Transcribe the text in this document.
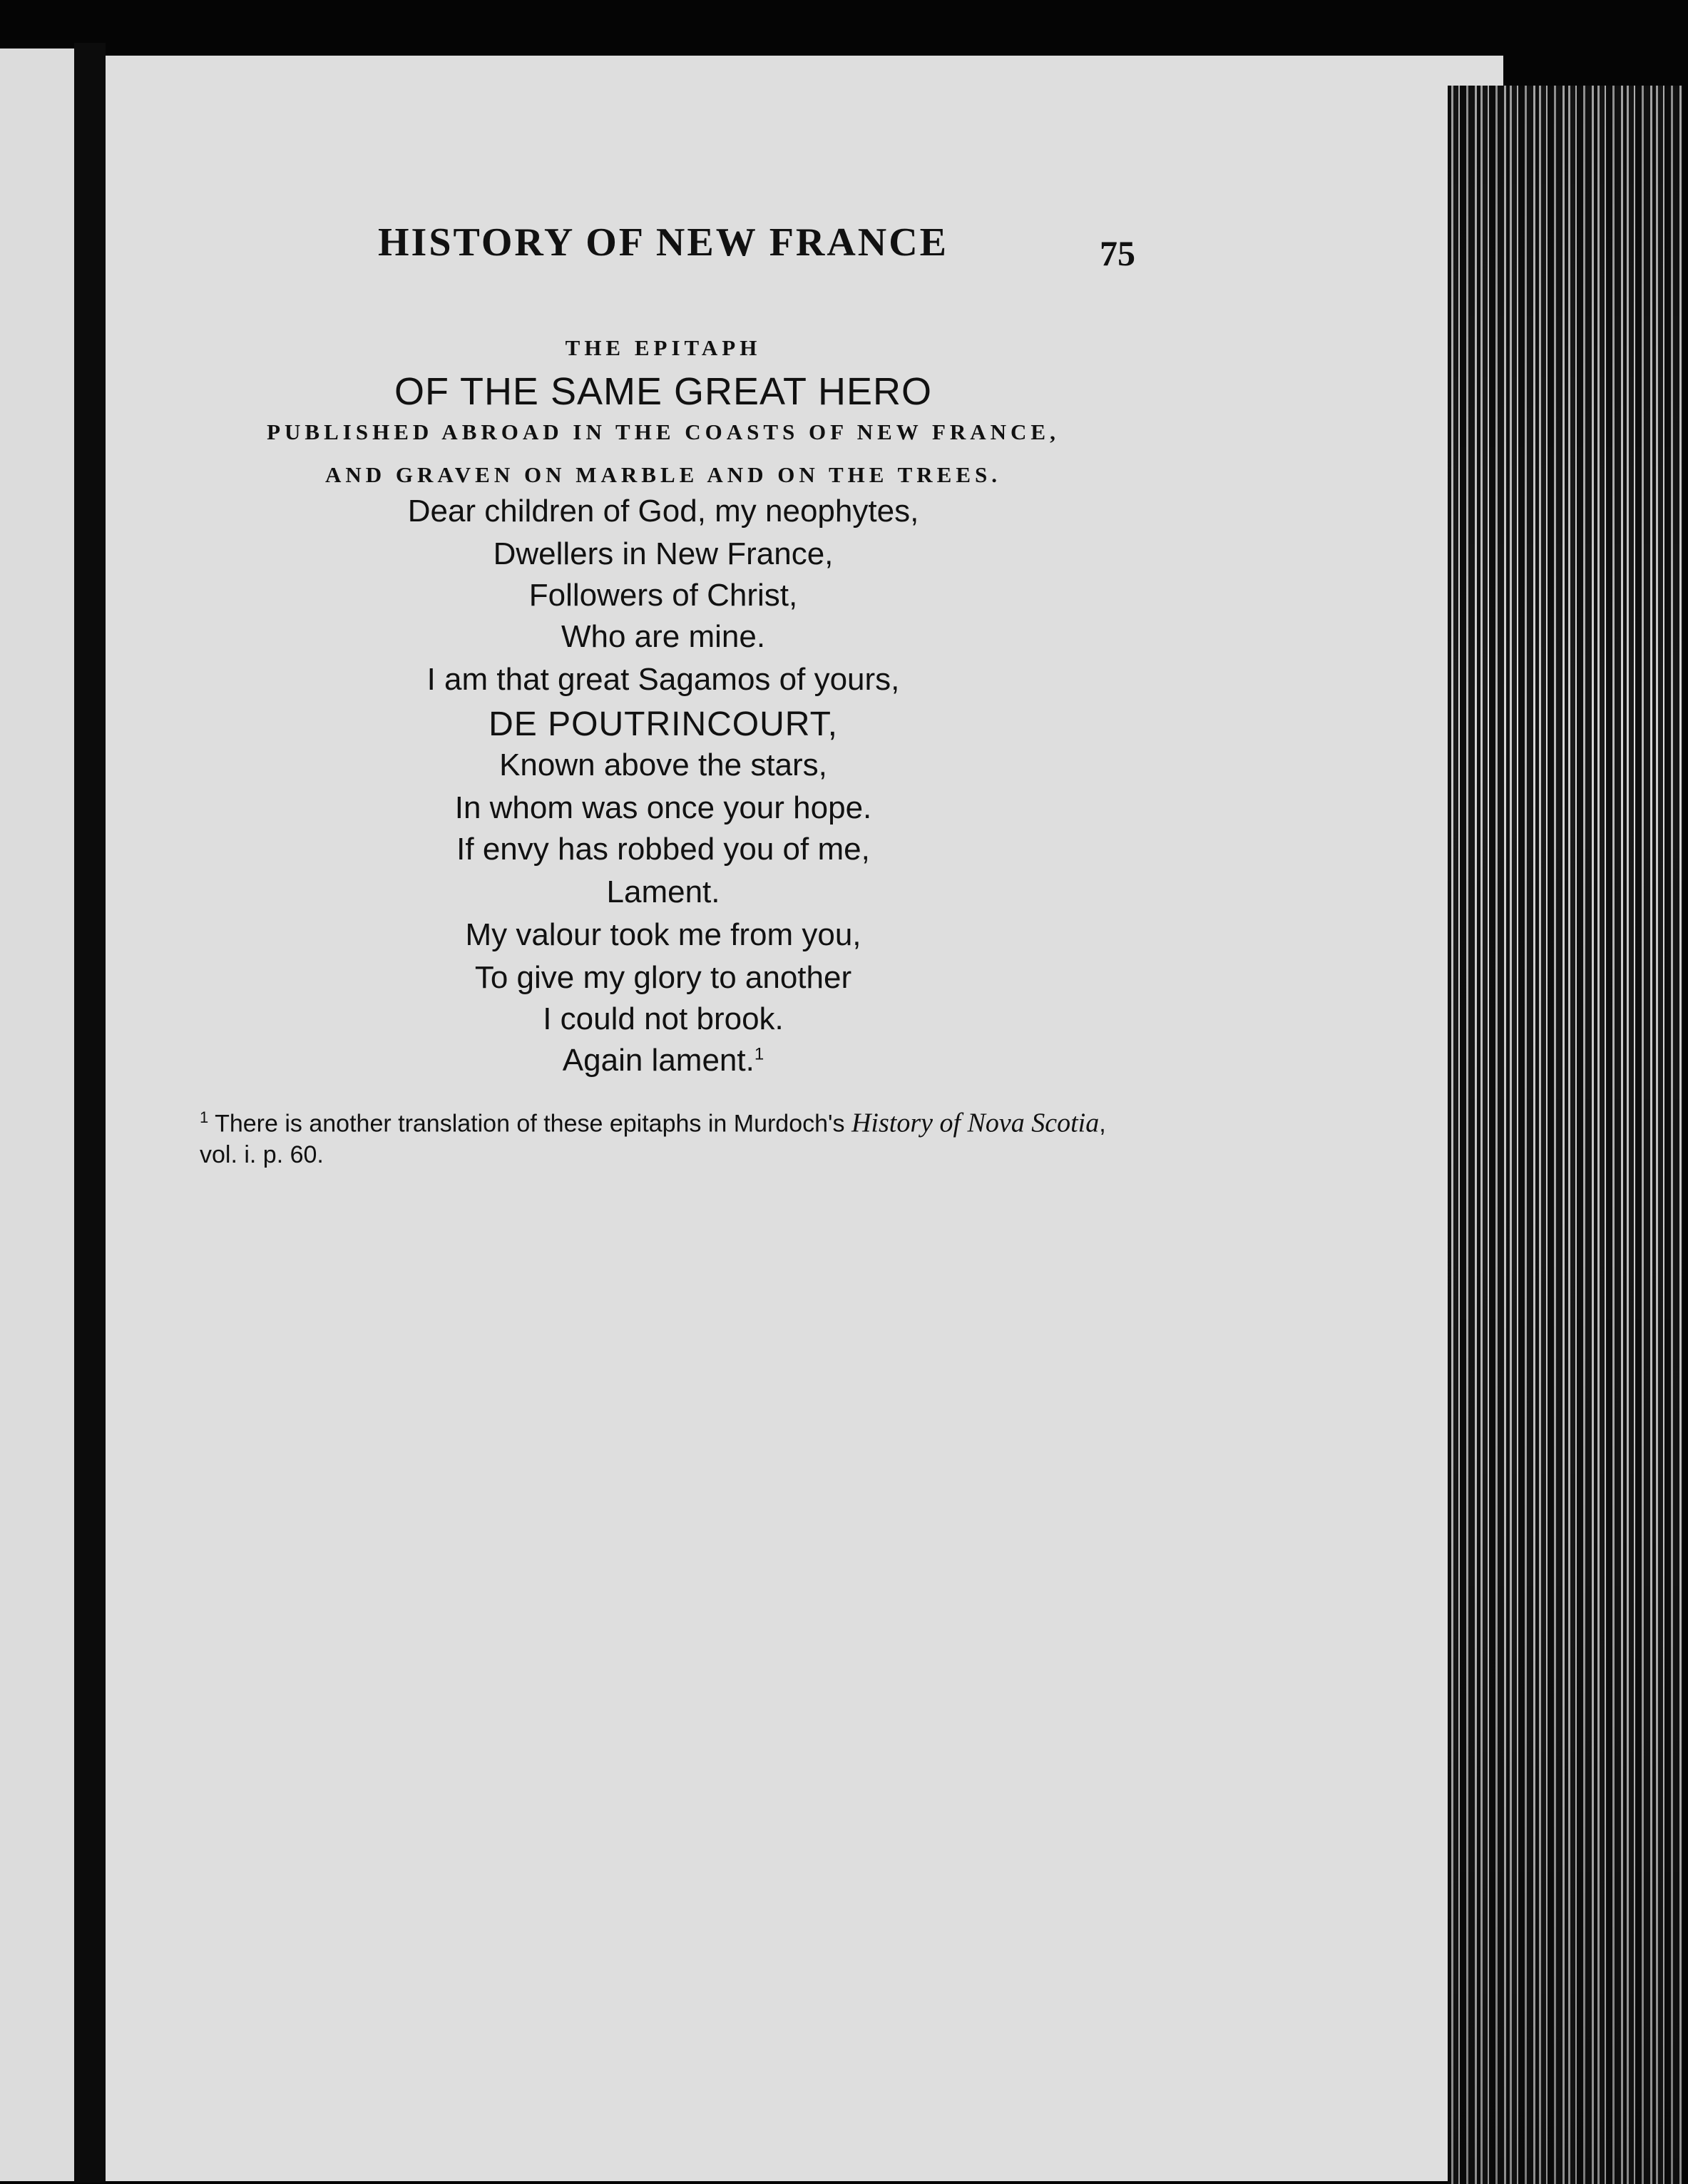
HISTORY OF NEW FRANCE	75
THE EPITAPH
OF THE SAME GREAT HERO
PUBLISHED ABROAD IN THE COASTS OF NEW FRANCE,
AND GRAVEN ON MARBLE AND ON THE TREES.
Dear children of God, my neophytes,
Dwellers in New France,
Followers of Christ,
Who are mine.
I am that great Sagamos of yours,
DE POUTRINCOURT,
Known above the stars,
In whom was once your hope.
If envy has robbed you of me,
Lament.
My valour took me from you,
To give my glory to another
I could not brook.
Again lament.$^1$
$^1$ There is another translation of these epitaphs in Murdoch's History of Nova Scotia, vol. i. p. 60.
